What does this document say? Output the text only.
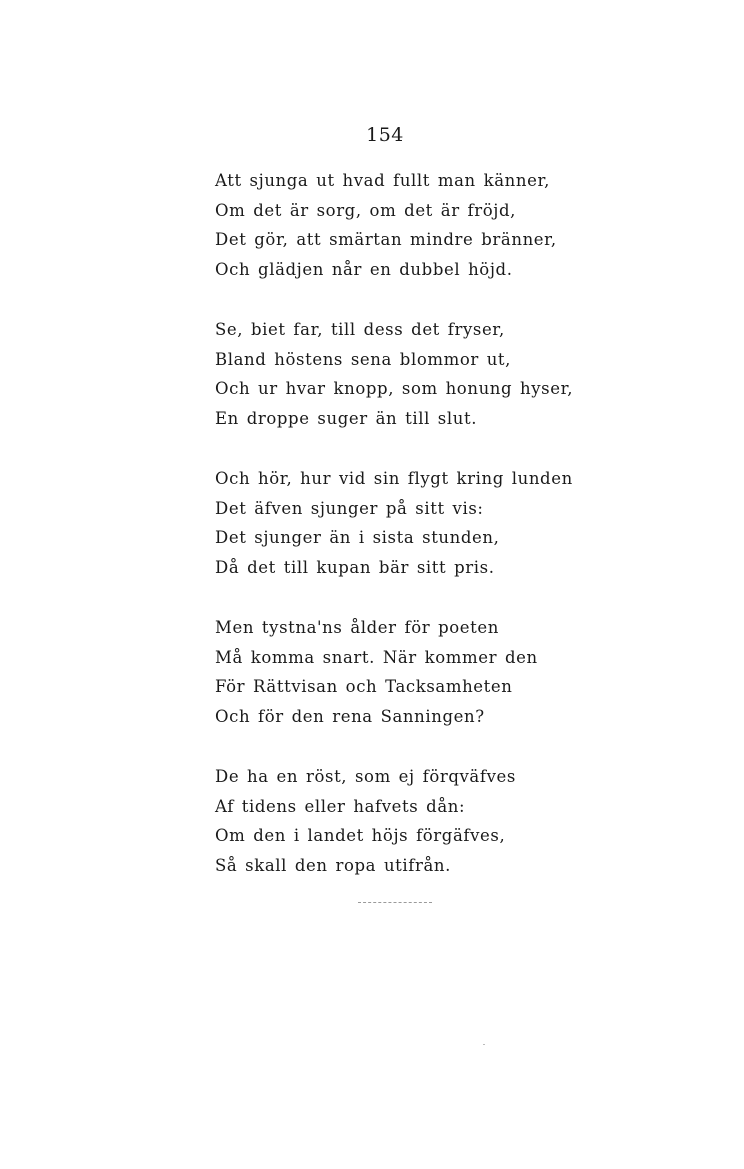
154
Att sjunga ut hvad fullt man känner,
Om det är sorg, om det är fröjd,
Det gör, att smärtan mindre bränner,
Och glädjen når en dubbel höjd.
Se, biet far, till dess det fryser,
Bland höstens sena blommor ut,
Och ur hvar knopp, som honung hyser,
En droppe suger än till slut.
Och hör, hur vid sin flygt kring lunden
Det äfven sjunger på sitt vis:
Det sjunger än i sista stunden,
Då det till kupan bär sitt pris.
Men tystna'ns ålder för poeten
Må komma snart. När kommer den
För Rättvisan och Tacksamheten
Och för den rena Sanningen?
De ha en röst, som ej förqväfves
Af tidens eller hafvets dån:
Om den i landet höjs förgäfves,
Så skall den ropa utifrån.
